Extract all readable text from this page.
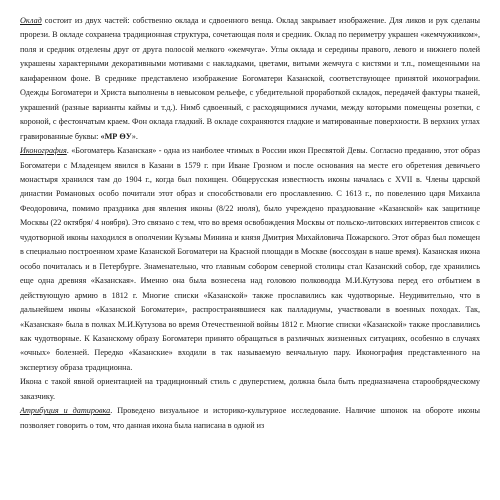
Оклад состоит из двух частей: собственно оклада и сдвоенного венца. Оклад закрывает изображение. Для ликов и рук сделаны прорези. В окладе сохранена традиционная структура, сочетающая поля и средник. Оклад по периметру украшен «жемчужником», поля и средник отделены друг от друга полосой мелкого «жемчуга». Углы оклада и середины правого, левого и нижнего полей украшены характерными декоративными мотивами с накладками, цветами, витыми жемчуга с кистями и т.п., помещенными на канфаренном фоне. В среднике представлено изображение Богоматери Казанской, соответствующее принятой иконографии. Одежды Богоматери и Христа выполнены в невысоком рельефе, с убедительной проработкой складок, передачей фактуры тканей, украшений (разные варианты каймы и т.д.). Нимб сдвоенный, с расходящимися лучами, между которыми помещены розетки, с короной, с фестончатым краем. Фон оклада гладкий. В окладе сохраняются гладкие и матированные поверхности. В верхних углах гравированные буквы: «МР ΘУ».

Иконография. «Богоматерь Казанская» - одна из наиболее чтимых в России икон Пресвятой Девы. Согласно преданию, этот образ Богоматери с Младенцем явился в Казани в 1579 г. при Иване Грозном и после основания на месте его обретения девичьего монастыря хранился там до 1904 г., когда был похищен. Общерусская известность иконы началась с XVII в. Члены царской династии Романовых особо почитали этот образ и способствовали его прославлению. С 1613 г., по повелению царя Михаила Феодоровича, помимо праздника дня явления иконы (8/22 июля), было учреждено празднование «Казанской» как защитнице Москвы (22 октября/ 4 ноября). Это связано с тем, что во время освобождения Москвы от польско-литовских интервентов список с чудотворной иконы находился в ополчении Кузьмы Минина и князя Дмитрия Михайловича Пожарского. Этот образ был помещен в специально построенном храме Казанской Богоматери на Красной площади в Москве (воссоздан в наше время). Казанская икона особо почиталась и в Петербурге. Знаменательно, что главным собором северной столицы стал Казанский собор, где хранились еще одна древняя «Казанская». Именно она была вознесена над головою полководца М.И.Кутузова перед его отбытием в действующую армию в 1812 г. Многие списки «Казанской» также прославились как чудотворные. Неудивительно, что в дальнейшем иконы «Казанской Богоматери», распространявшиеся как палладиумы, участвовали в военных походах. Так, «Казанская» была в полках М.И.Кутузова во время Отечественной войны 1812 г. Многие списки «Казанской» также прославились как чудотворные. К Казанскому образу Богоматери принято обращаться в различных жизненных ситуациях, особенно в случаях «очных» болезней. Передко «Казанские» входили в так называемую венчальную пару. Иконография представленного на экспертизу образа традиционна.

Икона с такой явной ориентацией на традиционный стиль с двуперстием, должна была быть предназначена старообрядческому заказчику.

Атрибуция и датировка. Проведено визуальное и историко-культурное исследование. Наличие шпонок на обороте иконы позволяет говорить о том, что данная икона была написана в одной из
